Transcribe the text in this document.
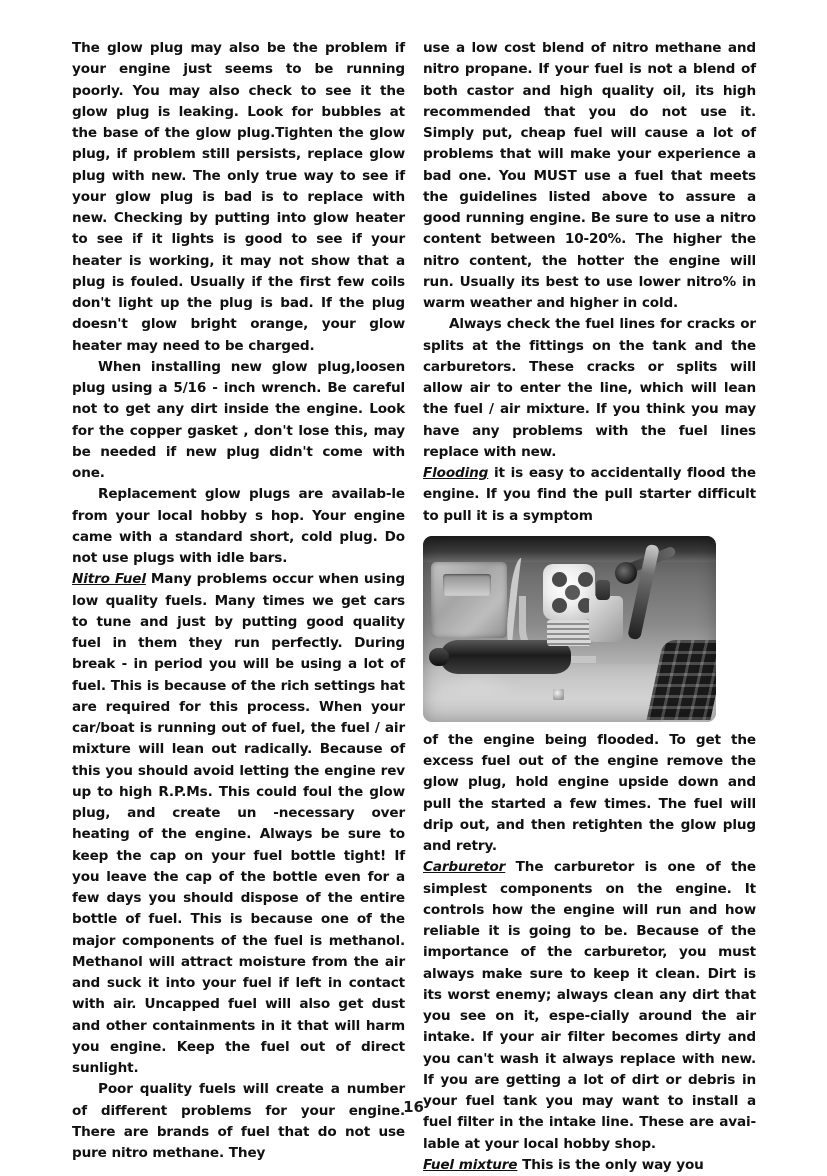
The glow plug may also be the problem if your engine just seems to be running poorly. You may also check to see it the glow plug is leaking. Look for bubbles at the base of the glow plug.Tighten the glow plug, if problem still persists, replace glow plug with new. The only true way to see if your glow plug is bad is to replace with new. Checking by putting into glow heater to see if it lights is good to see if your heater is working, it may not show that a plug is fouled. Usually if the first few coils don't light up the plug is bad. If the plug doesn't glow bright orange, your glow heater may need to be charged.

When installing new glow plug,loosen plug using a 5/16 - inch wrench. Be careful not to get any dirt inside the engine. Look for the copper gasket , don't lose this, may be needed if new plug didn't come with one.

Replacement glow plugs are availab-le from your local hobby s hop. Your engine came with a standard short, cold plug. Do not use plugs with idle bars.

Nitro Fuel Many problems occur when using low quality fuels. Many times we get cars to tune and just by putting good quality fuel in them they run perfectly. During break - in period you will be using a lot of fuel. This is because of the rich settings hat are required for this process. When your car/boat is running out of fuel, the fuel / air mixture will lean out radically. Because of this you should avoid letting the engine rev up to high R.P.Ms. This could foul the glow plug, and create un -necessary over heating of the engine. Always be sure to keep the cap on your fuel bottle tight! If you leave the cap of the bottle even for a few days you should dispose of the entire bottle of fuel. This is because one of the major components of the fuel is methanol. Methanol will attract moisture from the air and suck it into your fuel if left in contact with air. Uncapped fuel will also get dust and other containments in it that will harm you engine. Keep the fuel out of direct sunlight.

Poor quality fuels will create a number of different problems for your engine. There are brands of fuel that do not use pure nitro methane. They

use a low cost blend of nitro methane and nitro propane. If your fuel is not a blend of both castor and high quality oil, its high recommended that you do not use it. Simply put, cheap fuel will cause a lot of problems that will make your experience a bad one. You MUST use a fuel that meets the guidelines listed above to assure a good running engine. Be sure to use a nitro content between 10-20%. The higher the nitro content, the hotter the engine will run. Usually its best to use lower nitro% in warm weather and higher in cold.

Always check the fuel lines for cracks or splits at the fittings on the tank and the carburetors. These cracks or splits will allow air to enter the line, which will lean the fuel / air mixture. If you think you may have any problems with the fuel lines replace with new.

Flooding it is easy to accidentally flood the engine. If you find the pull starter difficult to pull it is a symptom

of the engine being flooded. To get the excess fuel out of the engine remove the glow plug, hold engine upside down and pull the started a few times. The fuel will drip out, and then retighten the glow plug and retry.

Carburetor The carburetor is one of the simplest components on the engine. It controls how the engine will run and how reliable it is going to be. Because of the importance of the carburetor, you must always make sure to keep it clean. Dirt is its worst enemy; always clean any dirt that you see on it, espe-cially around the air intake. If your air filter becomes dirty and you can't wash it always replace with new. If you are getting a lot of dirt or debris in your fuel tank you may want to install a fuel filter in the intake line. These are avai-lable at your local hobby shop.

Fuel mixture This is the only way you

16
